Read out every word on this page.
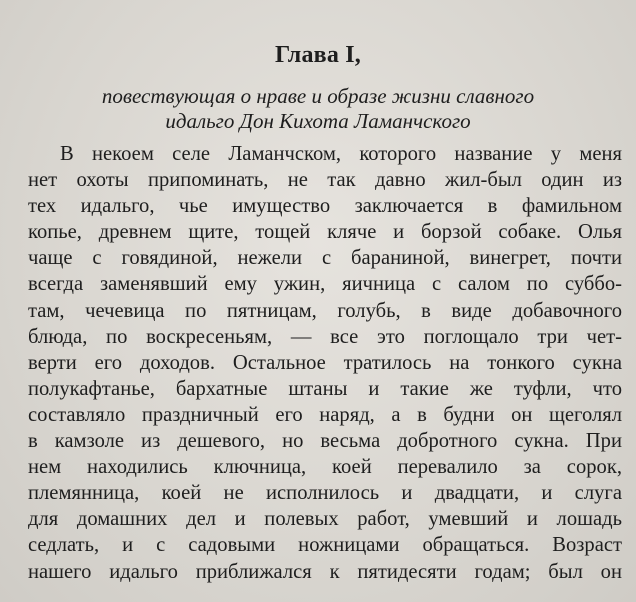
Глава I,

повествующая о нраве и образе жизни славного
идальго Дон Кихота Ламанчского

В некоем селе Ламанчском, которого название у меня
нет охоты припоминать, не так давно жил-был один из
тех идальго, чье имущество заключается в фамильном
копье, древнем щите, тощей кляче и борзой собаке. Олья
чаще с говядиной, нежели с бараниной, винегрет, почти
всегда заменявший ему ужин, яичница с салом по суббо-
там, чечевица по пятницам, голубь, в виде добавочного
блюда, по воскресеньям, — все это поглощало три чет-
верти его доходов. Остальное тратилось на тонкого сукна
полукафтанье, бархатные штаны и такие же туфли, что
составляло праздничный его наряд, а в будни он щеголял
в камзоле из дешевого, но весьма добротного сукна. При
нем находились ключница, коей перевалило за сорок,
племянница, коей не исполнилось и двадцати, и слуга
для домашних дел и полевых работ, умевший и лошадь
седлать, и с садовыми ножницами обращаться. Возраст
нашего идальго приближался к пятидесяти годам; был он
